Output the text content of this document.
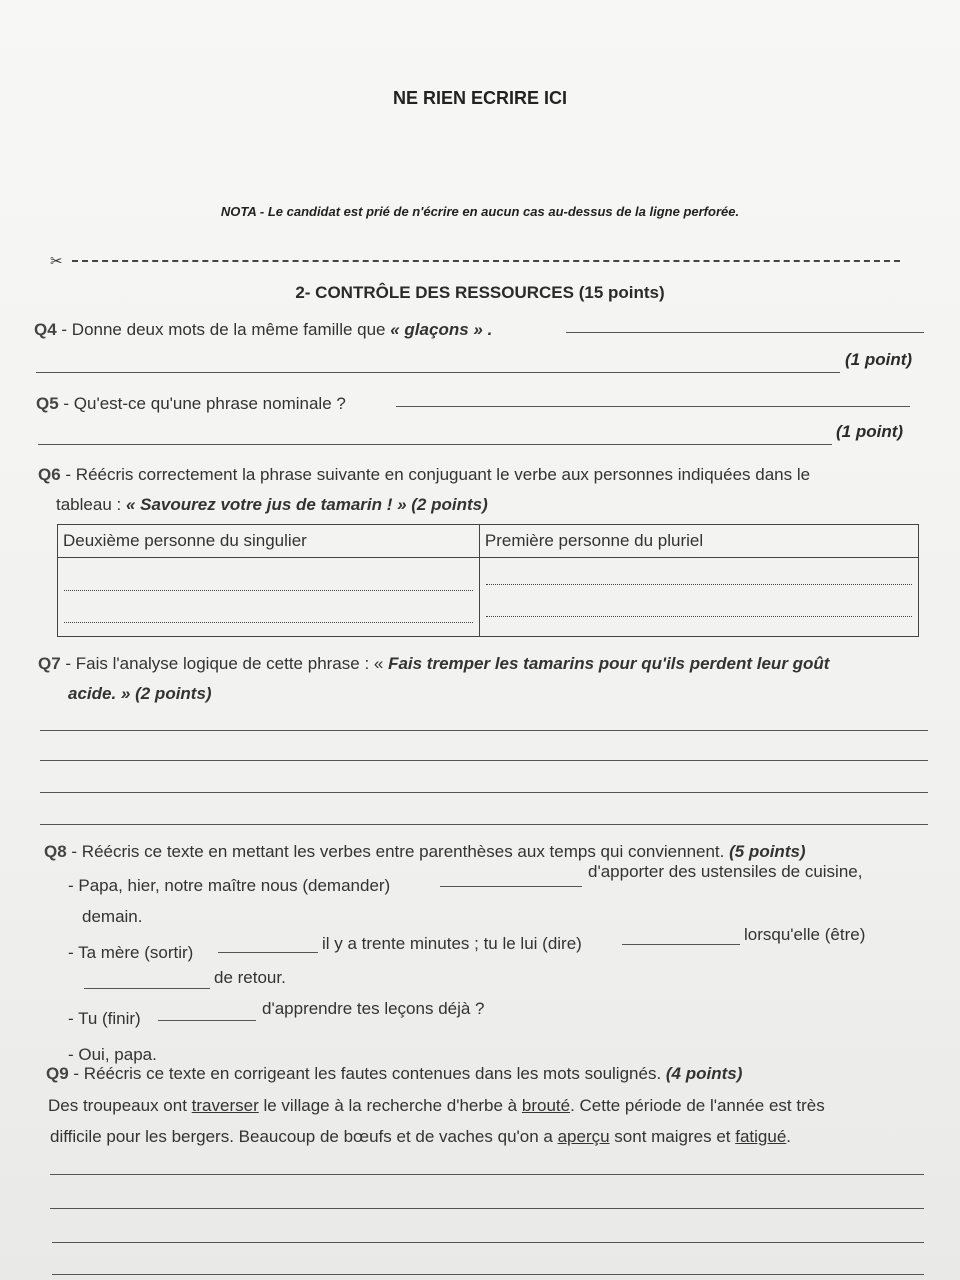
NE RIEN ECRIRE ICI
NOTA - Le candidat est prié de n'écrire en aucun cas au-dessus de la ligne perforée.
✂
2- CONTRÔLE DES RESSOURCES (15 points)
Q4 - Donne deux mots de la même famille que « glaçons » .
(1 point)
Q5 - Qu'est-ce qu'une phrase nominale ?
(1 point)
Q6 - Réécris correctement la phrase suivante en conjuguant le verbe aux personnes indiquées dans le
tableau : « Savourez votre jus de tamarin ! » (2 points)
Deuxième personne du singulier	Première personne du pluriel

Q7 - Fais l'analyse logique de cette phrase : « Fais tremper les tamarins pour qu'ils perdent leur goût
acide. » (2 points)
Q8 - Réécris ce texte en mettant les verbes entre parenthèses aux temps qui conviennent. (5 points)
- Papa, hier, notre maître nous (demander)
d'apporter des ustensiles de cuisine,
demain.
- Ta mère (sortir)	il y a trente minutes ; tu le lui (dire)	lorsqu'elle (être)
de retour.
- Tu (finir)
d'apprendre tes leçons déjà ?
- Oui, papa.
Q9 - Réécris ce texte en corrigeant les fautes contenues dans les mots soulignés. (4 points)
Des troupeaux ont traverser le village à la recherche d'herbe à brouté. Cette période de l'année est très
difficile pour les bergers. Beaucoup de bœufs et de vaches qu'on a aperçu sont maigres et fatigué.
